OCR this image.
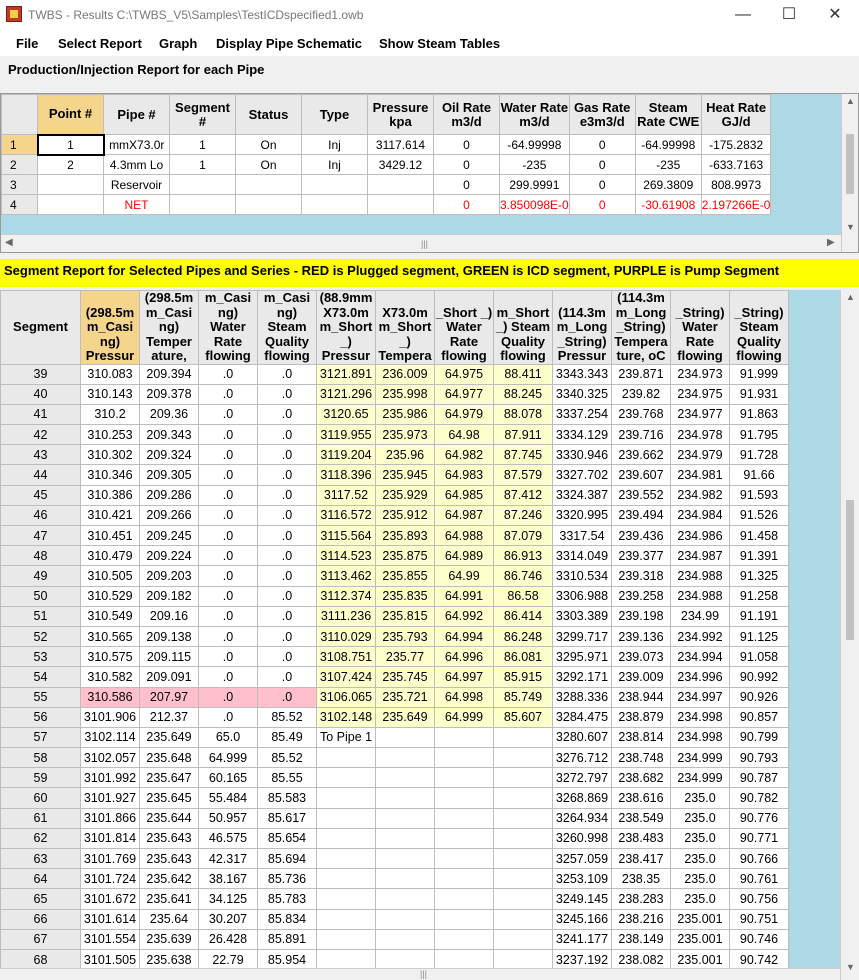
TWBS - Results C:\TWBS_V5\Samples\TestICDspecified1.owb	—	☐	✕
File Select Report Graph Display Pipe Schematic Show Steam Tables
Production/Injection Report for each Pipe
	Point #	Pipe #	Segment #	Status	Type	Pressure kpa	Oil Rate m3/d	Water Rate m3/d	Gas Rate e3m3/d	Steam Rate CWE	Heat Rate GJ/d
1	1	mmX73.0r	1	On	Inj	3117.614	0	-64.99998	0	-64.99998	-175.2832
2	2	4.3mm Lo	1	On	Inj	3429.12	0	-235	0	-235	-633.7163
3		Reservoir					0	299.9991	0	269.3809	808.9973
4		NET					0	3.850098E-0	0	-30.61908	2.197266E-0
◀	▶
|||
▲
▼
Segment Report for Selected Pipes and Series - RED is Plugged segment, GREEN is ICD segment, PURPLE is Pump Segment
Segment	(298.5m m_Casi ng) Pressur	(298.5m m_Casi ng) Temper ature,	m_Casi ng) Water Rate flowing	m_Casi ng) Steam Quality flowing	(88.9mm X73.0m m_Short _) Pressur	X73.0m m_Short _) Tempera	_Short _) Water Rate flowing	m_Short _) Steam Quality flowing	(114.3m m_Long _String) Pressur	(114.3m m_Long _String) Tempera ture, oC	_String) Water Rate flowing	_String) Steam Quality flowing
39	310.083	209.394	.0	.0	3121.891	236.009	64.975	88.411	3343.343	239.871	234.973	91.999
40	310.143	209.378	.0	.0	3121.296	235.998	64.977	88.245	3340.325	239.82	234.975	91.931
41	310.2	209.36	.0	.0	3120.65	235.986	64.979	88.078	3337.254	239.768	234.977	91.863
42	310.253	209.343	.0	.0	3119.955	235.973	64.98	87.911	3334.129	239.716	234.978	91.795
43	310.302	209.324	.0	.0	3119.204	235.96	64.982	87.745	3330.946	239.662	234.979	91.728
44	310.346	209.305	.0	.0	3118.396	235.945	64.983	87.579	3327.702	239.607	234.981	91.66
45	310.386	209.286	.0	.0	3117.52	235.929	64.985	87.412	3324.387	239.552	234.982	91.593
46	310.421	209.266	.0	.0	3116.572	235.912	64.987	87.246	3320.995	239.494	234.984	91.526
47	310.451	209.245	.0	.0	3115.564	235.893	64.988	87.079	3317.54	239.436	234.986	91.458
48	310.479	209.224	.0	.0	3114.523	235.875	64.989	86.913	3314.049	239.377	234.987	91.391
49	310.505	209.203	.0	.0	3113.462	235.855	64.99	86.746	3310.534	239.318	234.988	91.325
50	310.529	209.182	.0	.0	3112.374	235.835	64.991	86.58	3306.988	239.258	234.988	91.258
51	310.549	209.16	.0	.0	3111.236	235.815	64.992	86.414	3303.389	239.198	234.99	91.191
52	310.565	209.138	.0	.0	3110.029	235.793	64.994	86.248	3299.717	239.136	234.992	91.125
53	310.575	209.115	.0	.0	3108.751	235.77	64.996	86.081	3295.971	239.073	234.994	91.058
54	310.582	209.091	.0	.0	3107.424	235.745	64.997	85.915	3292.171	239.009	234.996	90.992
55	310.586	207.97	.0	.0	3106.065	235.721	64.998	85.749	3288.336	238.944	234.997	90.926
56	3101.906	212.37	.0	85.52	3102.148	235.649	64.999	85.607	3284.475	238.879	234.998	90.857
57	3102.114	235.649	65.0	85.49	To Pipe 1				3280.607	238.814	234.998	90.799
58	3102.057	235.648	64.999	85.52					3276.712	238.748	234.999	90.793
59	3101.992	235.647	60.165	85.55					3272.797	238.682	234.999	90.787
60	3101.927	235.645	55.484	85.583					3268.869	238.616	235.0	90.782
61	3101.866	235.644	50.957	85.617					3264.934	238.549	235.0	90.776
62	3101.814	235.643	46.575	85.654					3260.998	238.483	235.0	90.771
63	3101.769	235.643	42.317	85.694					3257.059	238.417	235.0	90.766
64	3101.724	235.642	38.167	85.736					3253.109	238.35	235.0	90.761
65	3101.672	235.641	34.125	85.783					3249.145	238.283	235.0	90.756
66	3101.614	235.64	30.207	85.834					3245.166	238.216	235.001	90.751
67	3101.554	235.639	26.428	85.891					3241.177	238.149	235.001	90.746
68	3101.505	235.638	22.79	85.954					3237.192	238.082	235.001	90.742
▲
▼
|||
